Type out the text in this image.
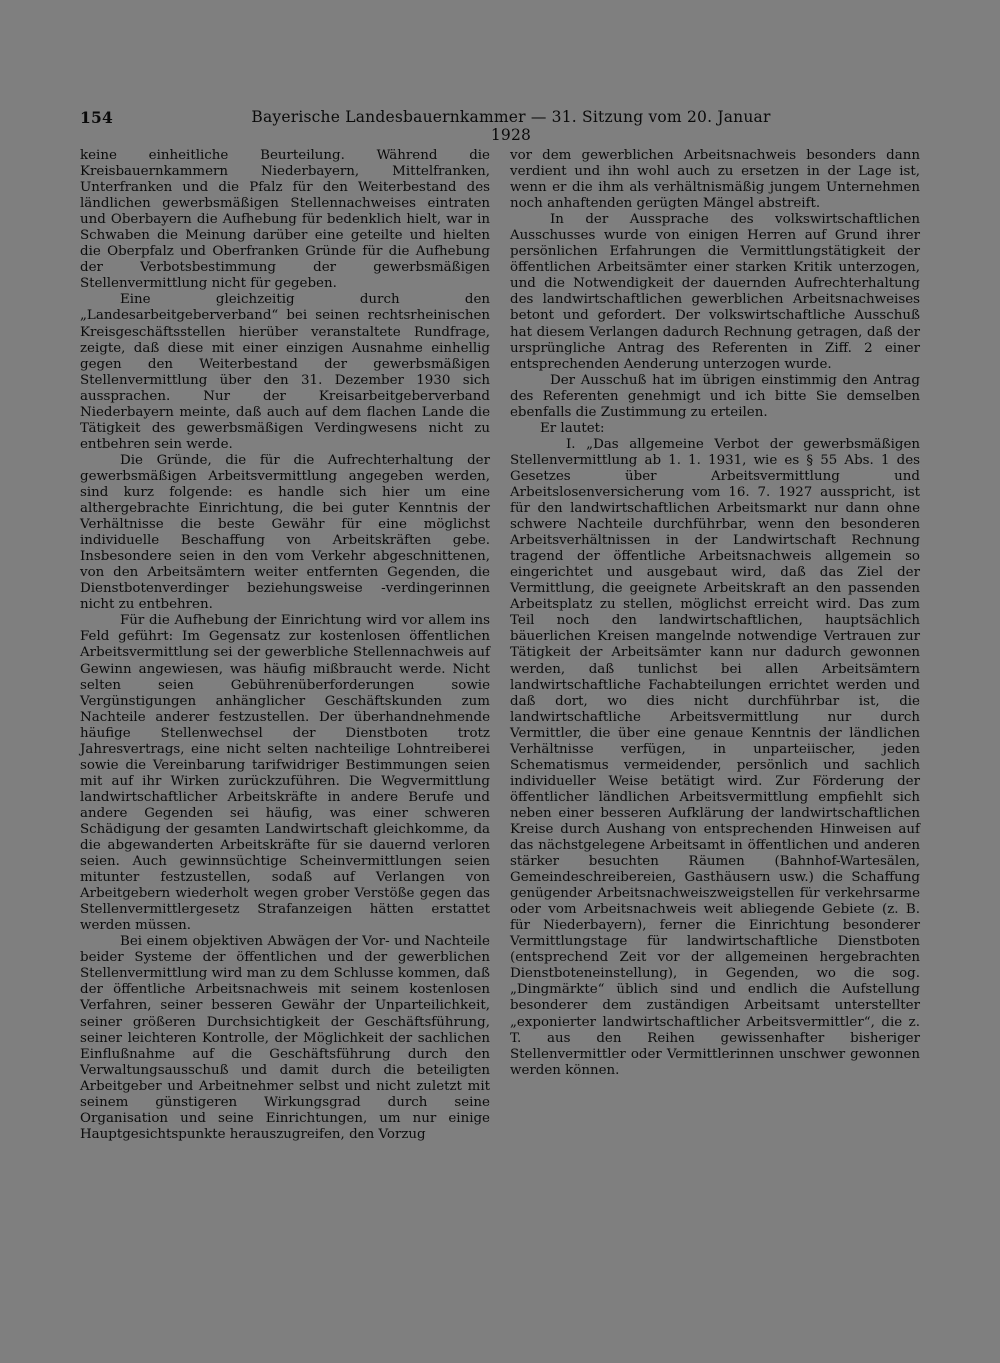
154	Bayerische Landesbauernkammer — 31. Sitzung vom 20. Januar 1928

keine einheitliche Beurteilung. Während die Kreisbauernkammern Niederbayern, Mittelfranken, Unterfranken und die Pfalz für den Weiterbestand des ländlichen gewerbsmäßigen Stellennachweises eintraten und Oberbayern die Aufhebung für bedenklich hielt, war in Schwaben die Meinung darüber eine geteilte und hielten die Oberpfalz und Oberfranken Gründe für die Aufhebung der Verbotsbestimmung der gewerbsmäßigen Stellenvermittlung nicht für gegeben.

Eine gleichzeitig durch den „Landesarbeitgeberverband“ bei seinen rechtsrheinischen Kreisgeschäftsstellen hierüber veranstaltete Rundfrage, zeigte, daß diese mit einer einzigen Ausnahme einhellig gegen den Weiterbestand der gewerbsmäßigen Stellenvermittlung über den 31. Dezember 1930 sich aussprachen. Nur der Kreisarbeitgeberverband Niederbayern meinte, daß auch auf dem flachen Lande die Tätigkeit des gewerbsmäßigen Verdingwesens nicht zu entbehren sein werde.

Die Gründe, die für die Aufrechterhaltung der gewerbsmäßigen Arbeitsvermittlung angegeben werden, sind kurz folgende: es handle sich hier um eine althergebrachte Einrichtung, die bei guter Kenntnis der Verhältnisse die beste Gewähr für eine möglichst individuelle Beschaffung von Arbeitskräften gebe. Insbesondere seien in den vom Verkehr abgeschnittenen, von den Arbeitsämtern weiter entfernten Gegenden, die Dienstbotenverdinger beziehungsweise -verdingerinnen nicht zu entbehren.

Für die Aufhebung der Einrichtung wird vor allem ins Feld geführt: Im Gegensatz zur kostenlosen öffentlichen Arbeitsvermittlung sei der gewerbliche Stellennachweis auf Gewinn angewiesen, was häufig mißbraucht werde. Nicht selten seien Gebührenüberforderungen sowie Vergünstigungen anhänglicher Geschäftskunden zum Nachteile anderer festzustellen. Der überhandnehmende häufige Stellenwechsel der Dienstboten trotz Jahresvertrags, eine nicht selten nachteilige Lohntreiberei sowie die Vereinbarung tarifwidriger Bestimmungen seien mit auf ihr Wirken zurückzuführen. Die Wegvermittlung landwirtschaftlicher Arbeitskräfte in andere Berufe und andere Gegenden sei häufig, was einer schweren Schädigung der gesamten Landwirtschaft gleichkomme, da die abgewanderten Arbeitskräfte für sie dauernd verloren seien. Auch gewinnsüchtige Scheinvermittlungen seien mitunter festzustellen, sodaß auf Verlangen von Arbeitgebern wiederholt wegen grober Verstöße gegen das Stellenvermittlergesetz Strafanzeigen hätten erstattet werden müssen.

Bei einem objektiven Abwägen der Vor- und Nachteile beider Systeme der öffentlichen und der gewerblichen Stellenvermittlung wird man zu dem Schlusse kommen, daß der öffentliche Arbeitsnachweis mit seinem kostenlosen Verfahren, seiner besseren Gewähr der Unparteilichkeit, seiner größeren Durchsichtigkeit der Geschäftsführung, seiner leichteren Kontrolle, der Möglichkeit der sachlichen Einflußnahme auf die Geschäftsführung durch den Verwaltungsausschuß und damit durch die beteiligten Arbeitgeber und Arbeitnehmer selbst und nicht zuletzt mit seinem günstigeren Wirkungsgrad durch seine Organisation und seine Einrichtungen, um nur einige Hauptgesichtspunkte herauszugreifen, den Vorzug

vor dem gewerblichen Arbeitsnachweis besonders dann verdient und ihn wohl auch zu ersetzen in der Lage ist, wenn er die ihm als verhältnismäßig jungem Unternehmen noch anhaftenden gerügten Mängel abstreift.

In der Aussprache des volkswirtschaftlichen Ausschusses wurde von einigen Herren auf Grund ihrer persönlichen Erfahrungen die Vermittlungstätigkeit der öffentlichen Arbeitsämter einer starken Kritik unterzogen, und die Notwendigkeit der dauernden Aufrechterhaltung des landwirtschaftlichen gewerblichen Arbeitsnachweises betont und gefordert. Der volkswirtschaftliche Ausschuß hat diesem Verlangen dadurch Rechnung getragen, daß der ursprüngliche Antrag des Referenten in Ziff. 2 einer entsprechenden Aenderung unterzogen wurde.

Der Ausschuß hat im übrigen einstimmig den Antrag des Referenten genehmigt und ich bitte Sie demselben ebenfalls die Zustimmung zu erteilen.

Er lautet:

I. „Das allgemeine Verbot der gewerbsmäßigen Stellenvermittlung ab 1. 1. 1931, wie es § 55 Abs. 1 des Gesetzes über Arbeitsvermittlung und Arbeitslosenversicherung vom 16. 7. 1927 ausspricht, ist für den landwirtschaftlichen Arbeitsmarkt nur dann ohne schwere Nachteile durchführbar, wenn den besonderen Arbeitsverhältnissen in der Landwirtschaft Rechnung tragend der öffentliche Arbeitsnachweis allgemein so eingerichtet und ausgebaut wird, daß das Ziel der Vermittlung, die geeignete Arbeitskraft an den passenden Arbeitsplatz zu stellen, möglichst erreicht wird. Das zum Teil noch den landwirtschaftlichen, hauptsächlich bäuerlichen Kreisen mangelnde notwendige Vertrauen zur Tätigkeit der Arbeitsämter kann nur dadurch gewonnen werden, daß tunlichst bei allen Arbeitsämtern landwirtschaftliche Fachabteilungen errichtet werden und daß dort, wo dies nicht durchführbar ist, die landwirtschaftliche Arbeitsvermittlung nur durch Vermittler, die über eine genaue Kenntnis der ländlichen Verhältnisse verfügen, in unparteiischer, jeden Schematismus vermeidender, persönlich und sachlich individueller Weise betätigt wird. Zur Förderung der öffentlicher ländlichen Arbeitsvermittlung empfiehlt sich neben einer besseren Aufklärung der landwirtschaftlichen Kreise durch Aushang von entsprechenden Hinweisen auf das nächstgelegene Arbeitsamt in öffentlichen und anderen stärker besuchten Räumen (Bahnhof-Wartesälen, Gemeindeschreibereien, Gasthäusern usw.) die Schaffung genügender Arbeitsnachweiszweigstellen für verkehrsarme oder vom Arbeitsnachweis weit abliegende Gebiete (z. B. für Niederbayern), ferner die Einrichtung besonderer Vermittlungstage für landwirtschaftliche Dienstboten (entsprechend Zeit vor der allgemeinen hergebrachten Dienstboteneinstellung), in Gegenden, wo die sog. „Dingmärkte“ üblich sind und endlich die Aufstellung besonderer dem zuständigen Arbeitsamt unterstellter „exponierter landwirtschaftlicher Arbeitsvermittler“, die z. T. aus den Reihen gewissenhafter bisheriger Stellenvermittler oder Vermittlerinnen unschwer gewonnen werden können.
